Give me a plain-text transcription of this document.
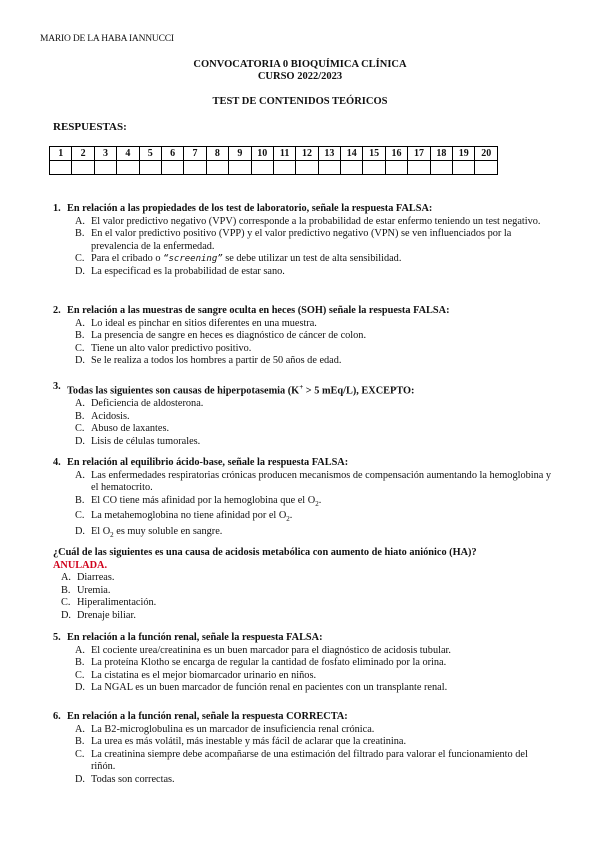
MARIO DE LA HABA IANNUCCI
CONVOCATORIA 0 BIOQUÍMICA CLÍNICA
CURSO 2022/2023
TEST DE CONTENIDOS TEÓRICOS
RESPUESTAS:
1	2	3	4	5	6	7	8	9	10	11	12	13	14	15	16	17	18	19	20

1. En relación a las propiedades de los test de laboratorio, señale la respuesta FALSA:
A. El valor predictivo negativo (VPV) corresponde a la probabilidad de estar enfermo teniendo un test negativo.
B. En el valor predictivo positivo (VPP) y el valor predictivo negativo (VPN) se ven influenciados por la prevalencia de la enfermedad.
C. Para el cribado o “screening” se debe utilizar un test de alta sensibilidad.
D. La especificad es la probabilidad de estar sano.
2. En relación a las muestras de sangre oculta en heces (SOH) señale la respuesta FALSA:
A. Lo ideal es pinchar en sitios diferentes en una muestra.
B. La presencia de sangre en heces es diagnóstico de cáncer de colon.
C. Tiene un alto valor predictivo positivo.
D. Se le realiza a todos los hombres a partir de 50 años de edad.
3. Todas las siguientes son causas de hiperpotasemia (K+ > 5 mEq/L), EXCEPTO:
A. Deficiencia de aldosterona.
B. Acidosis.
C. Abuso de laxantes.
D. Lisis de células tumorales.
4. En relación al equilibrio ácido-base, señale la respuesta FALSA:
A. Las enfermedades respiratorias crónicas producen mecanismos de compensación aumentando la hemoglobina y el hematocrito.
B. El CO tiene más afinidad por la hemoglobina que el $O_2$.
C. La metahemoglobina no tiene afinidad por el $O_2$.
D. El $O_2$ es muy soluble en sangre.
¿Cuál de las siguientes es una causa de acidosis metabólica con aumento de hiato aniónico (HA)?
ANULADA.
A. Diarreas.
B. Uremia.
C. Hiperalimentación.
D. Drenaje biliar.
5. En relación a la función renal, señale la respuesta FALSA:
A. El cociente urea/creatinina es un buen marcador para el diagnóstico de acidosis tubular.
B. La proteína Klotho se encarga de regular la cantidad de fosfato eliminado por la orina.
C. La cistatina es el mejor biomarcador urinario en niños.
D. La NGAL es un buen marcador de función renal en pacientes con un transplante renal.
6. En relación a la función renal, señale la respuesta CORRECTA:
A. La B2-microglobulina es un marcador de insuficiencia renal crónica.
B. La urea es más volátil, más inestable y más fácil de aclarar que la creatinina.
C. La creatinina siempre debe acompañarse de una estimación del filtrado para valorar el funcionamiento del riñón.
D. Todas son correctas.
